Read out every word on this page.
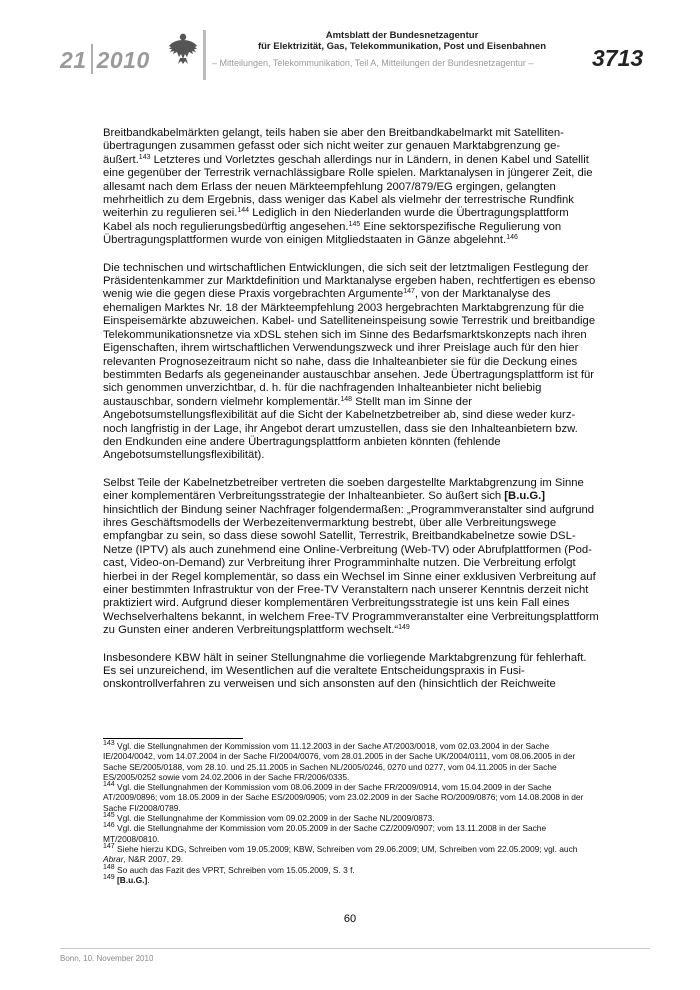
21 2010
Amtsblatt der Bundesnetzagentur
für Elektrizität, Gas, Telekommunikation, Post und Eisenbahnen
– Mitteilungen, Telekommunikation, Teil A, Mitteilungen der Bundesnetzagentur –	3713

Breitbandkabelmärkten gelangt, teils haben sie aber den Breitbandkabelmarkt mit Satellitenübertragungen zusammen gefasst oder sich nicht weiter zur genauen Marktabgrenzung geäußert.$^{143}$ Letzteres und Vorletztes geschah allerdings nur in Ländern, in denen Kabel und Satellit eine gegenüber der Terrestrik vernachlässigbare Rolle spielen. Marktanalysen in jüngerer Zeit, die allesamt nach dem Erlass der neuen Märkteempfehlung 2007/879/EG ergingen, gelangten mehrheitlich zu dem Ergebnis, dass weniger das Kabel als vielmehr der terrestrische Rundfink weiterhin zu regulieren sei.$^{144}$ Lediglich in den Niederlanden wurde die Übertragungsplattform Kabel als noch regulierungsbedürftig angesehen.$^{145}$ Eine sektorspezifische Regulierung von Übertragungsplattformen wurde von einigen Mitgliedstaaten in Gänze abgelehnt.$^{146}$

Die technischen und wirtschaftlichen Entwicklungen, die sich seit der letztmaligen Festlegung der Präsidentenkammer zur Marktdefinition und Marktanalyse ergeben haben, rechtfertigen es ebenso wenig wie die gegen diese Praxis vorgebrachten Argumente$^{147}$, von der Marktanalyse des ehemaligen Marktes Nr. 18 der Märkteempfehlung 2003 hergebrachten Marktabgrenzung für die Einspeisemärkte abzuweichen. Kabel- und Satelliteneinspeisung sowie Terrestrik und breitbandige Telekommunikationsnetze via xDSL stehen sich im Sinne des Bedarfsmarktskonzepts nach ihren Eigenschaften, ihrem wirtschaftlichen Verwendungszweck und ihrer Preislage auch für den hier relevanten Prognosezeitraum nicht so nahe, dass die Inhalteanbieter sie für die Deckung eines bestimmten Bedarfs als gegeneinander austauschbar ansehen. Jede Übertragungsplattform ist für sich genommen unverzichtbar, d. h. für die nachfragenden Inhalteanbieter nicht beliebig austauschbar, sondern vielmehr komplementär.$^{148}$ Stellt man im Sinne der Angebotsumstellungsflexibilität auf die Sicht der Kabelnetzbetreiber ab, sind diese weder kurz- noch langfristig in der Lage, ihr Angebot derart umzustellen, dass sie den Inhalteanbietern bzw. den Endkunden eine andere Übertragungsplattform anbieten könnten (fehlende Angebotsumstellungsflexibilität).

Selbst Teile der Kabelnetzbetreiber vertreten die soeben dargestellte Marktabgrenzung im Sinne einer komplementären Verbreitungsstrategie der Inhalteanbieter. So äußert sich [B.u.G.] hinsichtlich der Bindung seiner Nachfrager folgendermaßen: „Programmveranstalter sind aufgrund ihres Geschäftsmodells der Werbezeitenvermarktung bestrebt, über alle Verbreitungswege empfangbar zu sein, so dass diese sowohl Satellit, Terrestrik, Breitbandkabelnetze sowie DSL-Netze (IPTV) als auch zunehmend eine Online-Verbreitung (Web-TV) oder Abrufplattformen (Pod-cast, Video-on-Demand) zur Verbreitung ihrer Programminhalte nutzen. Die Verbreitung erfolgt hierbei in der Regel komplementär, so dass ein Wechsel im Sinne einer exklusiven Verbreitung auf einer bestimmten Infrastruktur von der Free-TV Veranstaltern nach unserer Kenntnis derzeit nicht praktiziert wird. Aufgrund dieser komplementären Verbreitungsstrategie ist uns kein Fall eines Wechselverhaltens bekannt, in welchem Free-TV Programmveranstalter eine Verbreitungsplattform zu Gunsten einer anderen Verbreitungsplattform wechselt.“$^{149}$

Insbesondere KBW hält in seiner Stellungnahme die vorliegende Marktabgrenzung für fehlerhaft. Es sei unzureichend, im Wesentlichen auf die veraltete Entscheidungspraxis in Fusionskontrollverfahren zu verweisen und sich ansonsten auf den (hinsichtlich der Reichweite

$^{143}$ Vgl. die Stellungnahmen der Kommission vom 11.12.2003 in der Sache AT/2003/0018, vom 02.03.2004 in der Sache IE/2004/0042, vom 14.07.2004 in der Sache FI/2004/0076, vom 28.01.2005 in der Sache UK/2004/0111, vom 08.06.2005 in der Sache SE/2005/0188, vom 28.10. und 25.11.2005 in Sachen NL/2005/0246, 0270 und 0277, vom 04.11.2005 in der Sache ES/2005/0252 sowie vom 24.02.2006 in der Sache FR/2006/0335.

$^{144}$ Vgl. die Stellungnahmen der Kommission vom 08.06.2009 in der Sache FR/2009/0914, vom 15.04.2009 in der Sache AT/2009/0896; vom 18.05.2009 in der Sache ES/2009/0905; vom 23.02.2009 in der Sache RO/2009/0876; vom 14.08.2008 in der Sache FI/2008/0789.

$^{145}$ Vgl. die Stellungnahme der Kommission vom 09.02.2009 in der Sache NL/2009/0873.

$^{146}$ Vgl. die Stellungnahme der Kommission vom 20.05.2009 in der Sache CZ/2009/0907; vom 13.11.2008 in der Sache MT/2008/0810.

$^{147}$ Siehe hierzu KDG, Schreiben vom 19.05.2009; KBW, Schreiben vom 29.06.2009; UM, Schreiben vom 22.05.2009; vgl. auch Abrar, N&R 2007, 29.

$^{148}$ So auch das Fazit des VPRT, Schreiben vom 15.05.2009, S. 3 f.

$^{149}$ [B.u.G.].

60
Bonn, 10. November 2010
